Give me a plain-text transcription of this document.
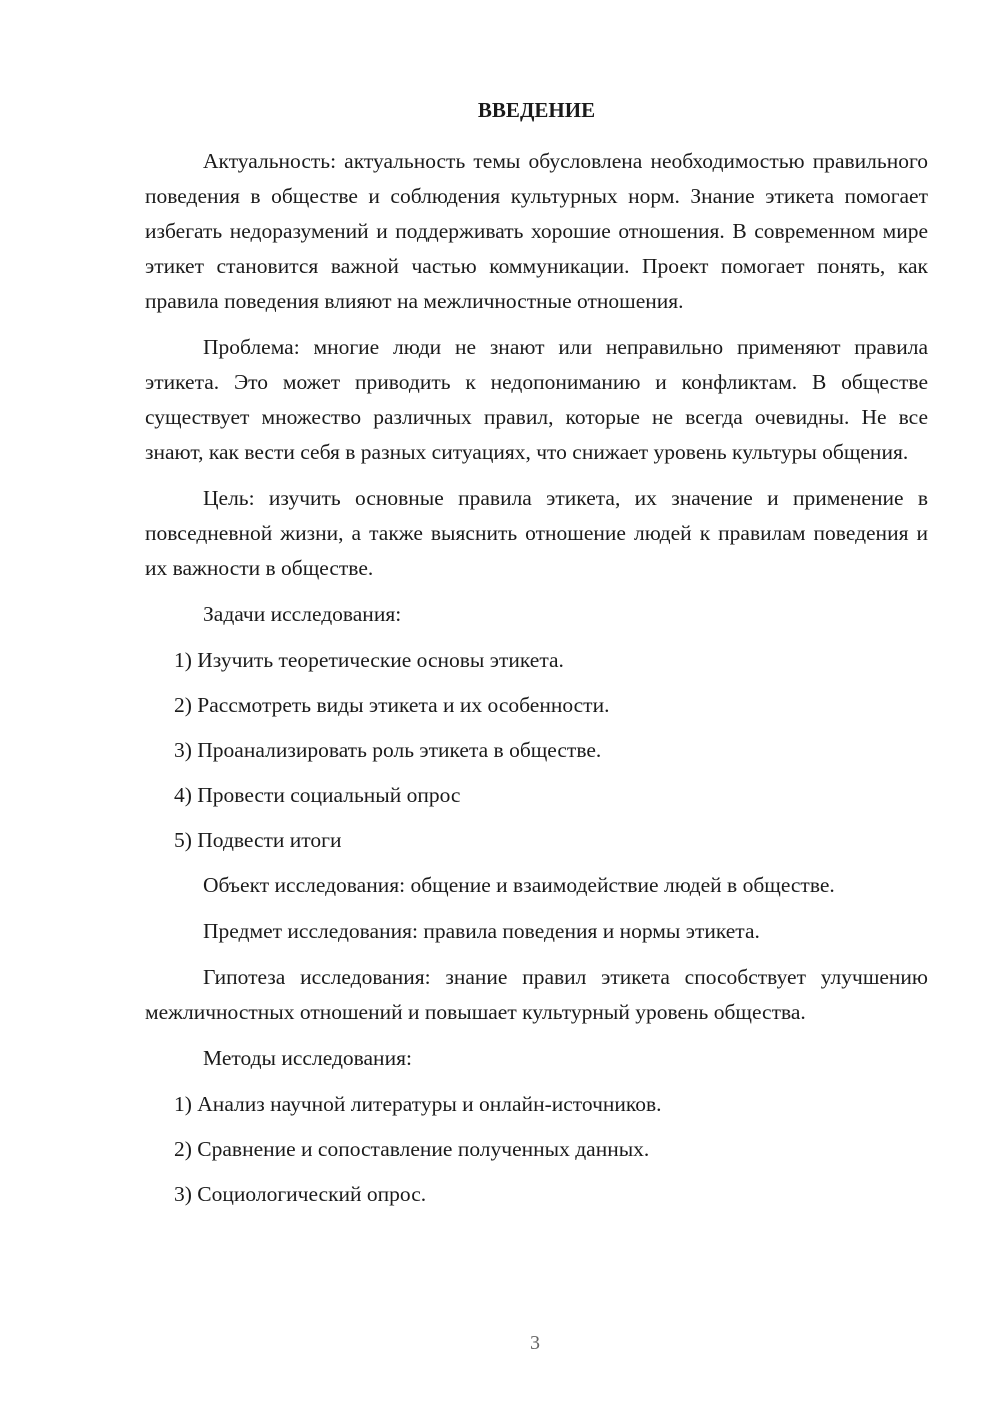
ВВЕДЕНИЕ

Актуальность: актуальность темы обусловлена необходимостью правильного поведения в обществе и соблюдения культурных норм. Знание этикета помогает избегать недоразумений и поддерживать хорошие отношения. В современном мире этикет становится важной частью коммуникации. Проект помогает понять, как правила поведения влияют на межличностные отношения.

Проблема: многие люди не знают или неправильно применяют правила этикета. Это может приводить к недопониманию и конфликтам. В обществе существует множество различных правил, которые не всегда очевидны. Не все знают, как вести себя в разных ситуациях, что снижает уровень культуры общения.

Цель: изучить основные правила этикета, их значение и применение в повседневной жизни, а также выяснить отношение людей к правилам поведения и их важности в обществе.

Задачи исследования:

1) Изучить теоретические основы этикета.

2) Рассмотреть виды этикета и их особенности.

3) Проанализировать роль этикета в обществе.

4) Провести социальный опрос

5) Подвести итоги

Объект исследования: общение и взаимодействие людей в обществе.

Предмет исследования: правила поведения и нормы этикета.

Гипотеза исследования: знание правил этикета способствует улучшению межличностных отношений и повышает культурный уровень общества.

Методы исследования:

1) Анализ научной литературы и онлайн-источников.

2) Сравнение и сопоставление полученных данных.

3) Социологический опрос.

3
